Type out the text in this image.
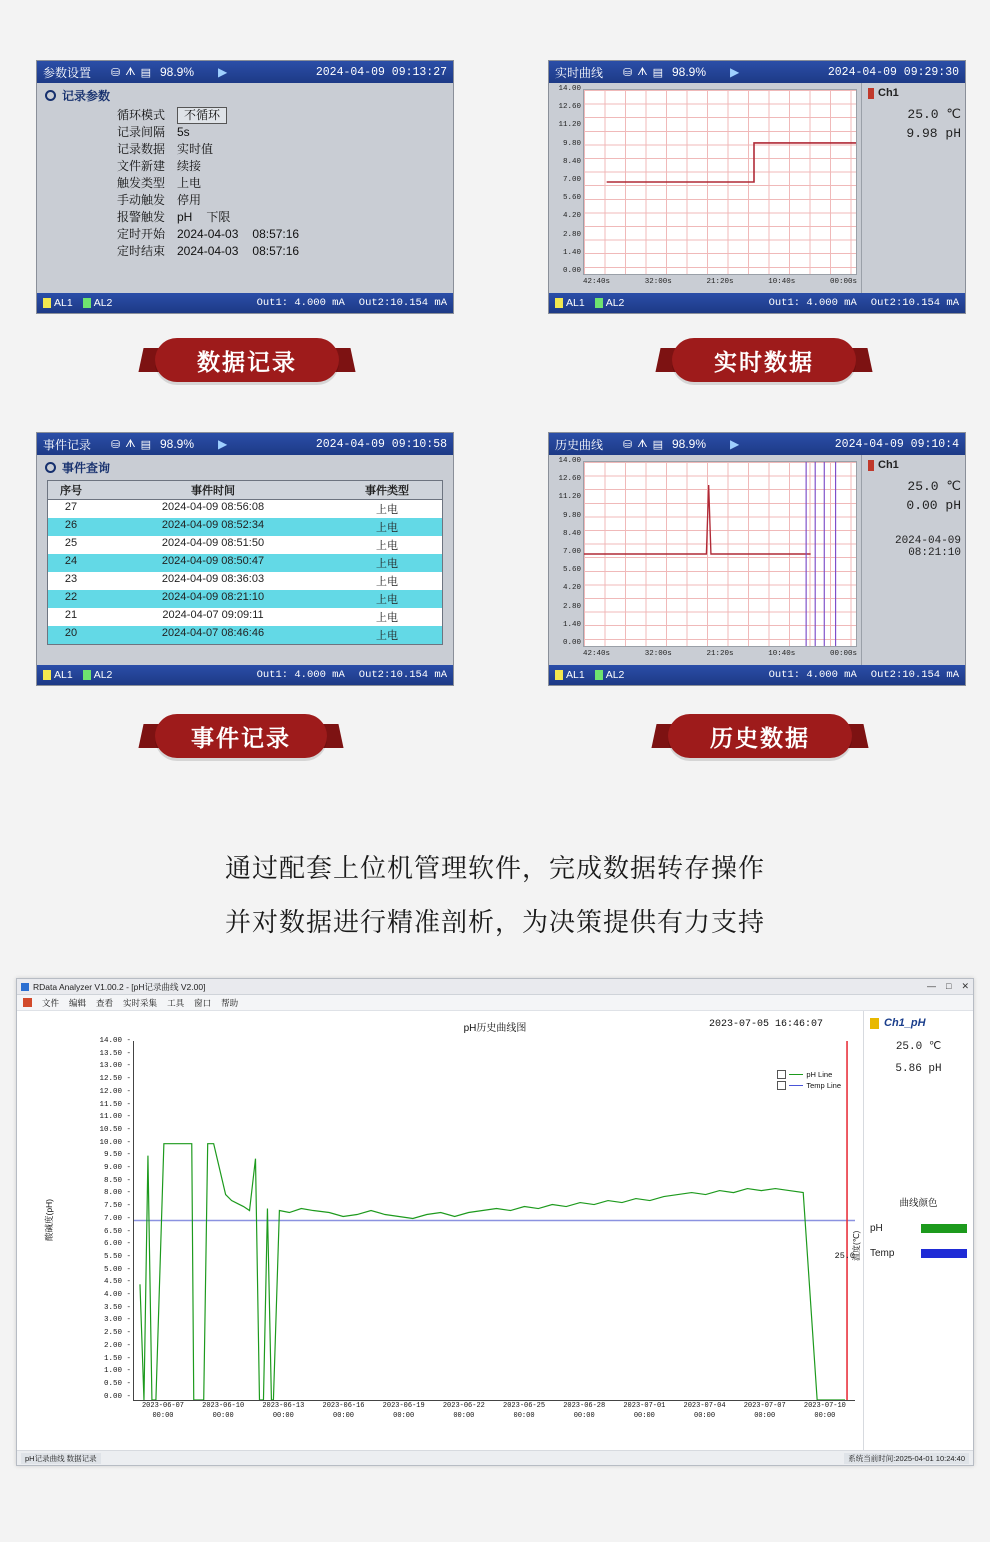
参数设置	⛁ ᗑ ▤ 98.9% ▶	2024-04-09 09:13:27
记录参数
循环模式	不循环
记录间隔	5s
记录数据	实时值
文件新建	续接
触发类型	上电
手动触发	停用
报警触发	pH 下限
定时开始	2024-04-03 08:57:16
定时结束	2024-04-03 08:57:16
AL1 AL2	Out1: 4.000 mA Out2:10.154 mA
实时曲线	⛁ ᗑ ▤ 98.9% ▶	2024-04-09 09:29:30
14.00
12.60
11.20
9.80
8.40
7.00
5.60
4.20
2.80
1.40
0.00
42:40s	32:00s	21:20s	10:40s	00:00s
Ch1
25.0 ℃
9.98 pH
AL1 AL2	Out1: 4.000 mA Out2:10.154 mA
事件记录	⛁ ᗑ ▤ 98.9% ▶	2024-04-09 09:10:58
事件查询
序号	事件时间	事件类型
27	2024-04-09 08:56:08	上电
26	2024-04-09 08:52:34	上电
25	2024-04-09 08:51:50	上电
24	2024-04-09 08:50:47	上电
23	2024-04-09 08:36:03	上电
22	2024-04-09 08:21:10	上电
21	2024-04-07 09:09:11	上电
20	2024-04-07 08:46:46	上电
AL1 AL2	Out1: 4.000 mA Out2:10.154 mA
历史曲线	⛁ ᗑ ▤ 98.9% ▶	2024-04-09 09:10:4
14.00
12.60
11.20
9.80
8.40
7.00
5.60
4.20
2.80
1.40
0.00
42:40s	32:00s	21:20s	10:40s	00:00s
Ch1
25.0 ℃
0.00 pH
2024-04-09
08:21:10
AL1 AL2	Out1: 4.000 mA Out2:10.154 mA
数据记录	实时数据
事件记录	历史数据
通过配套上位机管理软件，完成数据转存操作
并对数据进行精准剖析，为决策提供有力支持
RData Analyzer V1.00.2 - [pH记录曲线 V2.00]	— □ ✕
文件 编辑 查看 实时采集 工具 窗口 帮助
pH历史曲线图	2023-07-05 16:46:07
酸碱度(pH)
14.00 -
13.50 -
13.00 -
12.50 -
12.00 -
11.50 -
11.00 -
10.50 -
10.00 -
9.50 -
9.00 -
8.50 -
8.00 -
7.50 -
7.00 -
6.50 -
6.00 -
5.50 -
5.00 -
4.50 -
4.00 -
3.50 -
3.00 -
2.50 -
2.00 -
1.50 -
1.00 -
0.50 -
0.00 -
25.0
温度(℃)
pH Line
Temp Line
2023-06-07
00:00
2023-06-10
00:00
2023-06-13
00:00
2023-06-16
00:00
2023-06-19
00:00
2023-06-22
00:00
2023-06-25
00:00
2023-06-28
00:00
2023-07-01
00:00
2023-07-04
00:00
2023-07-07
00:00
2023-07-10
00:00
Ch1_pH
25.0 ℃
5.86 pH
曲线颜色
pH
Temp
pH记录曲线 数据记录	系统当前时间:2025-04-01 10:24:40
